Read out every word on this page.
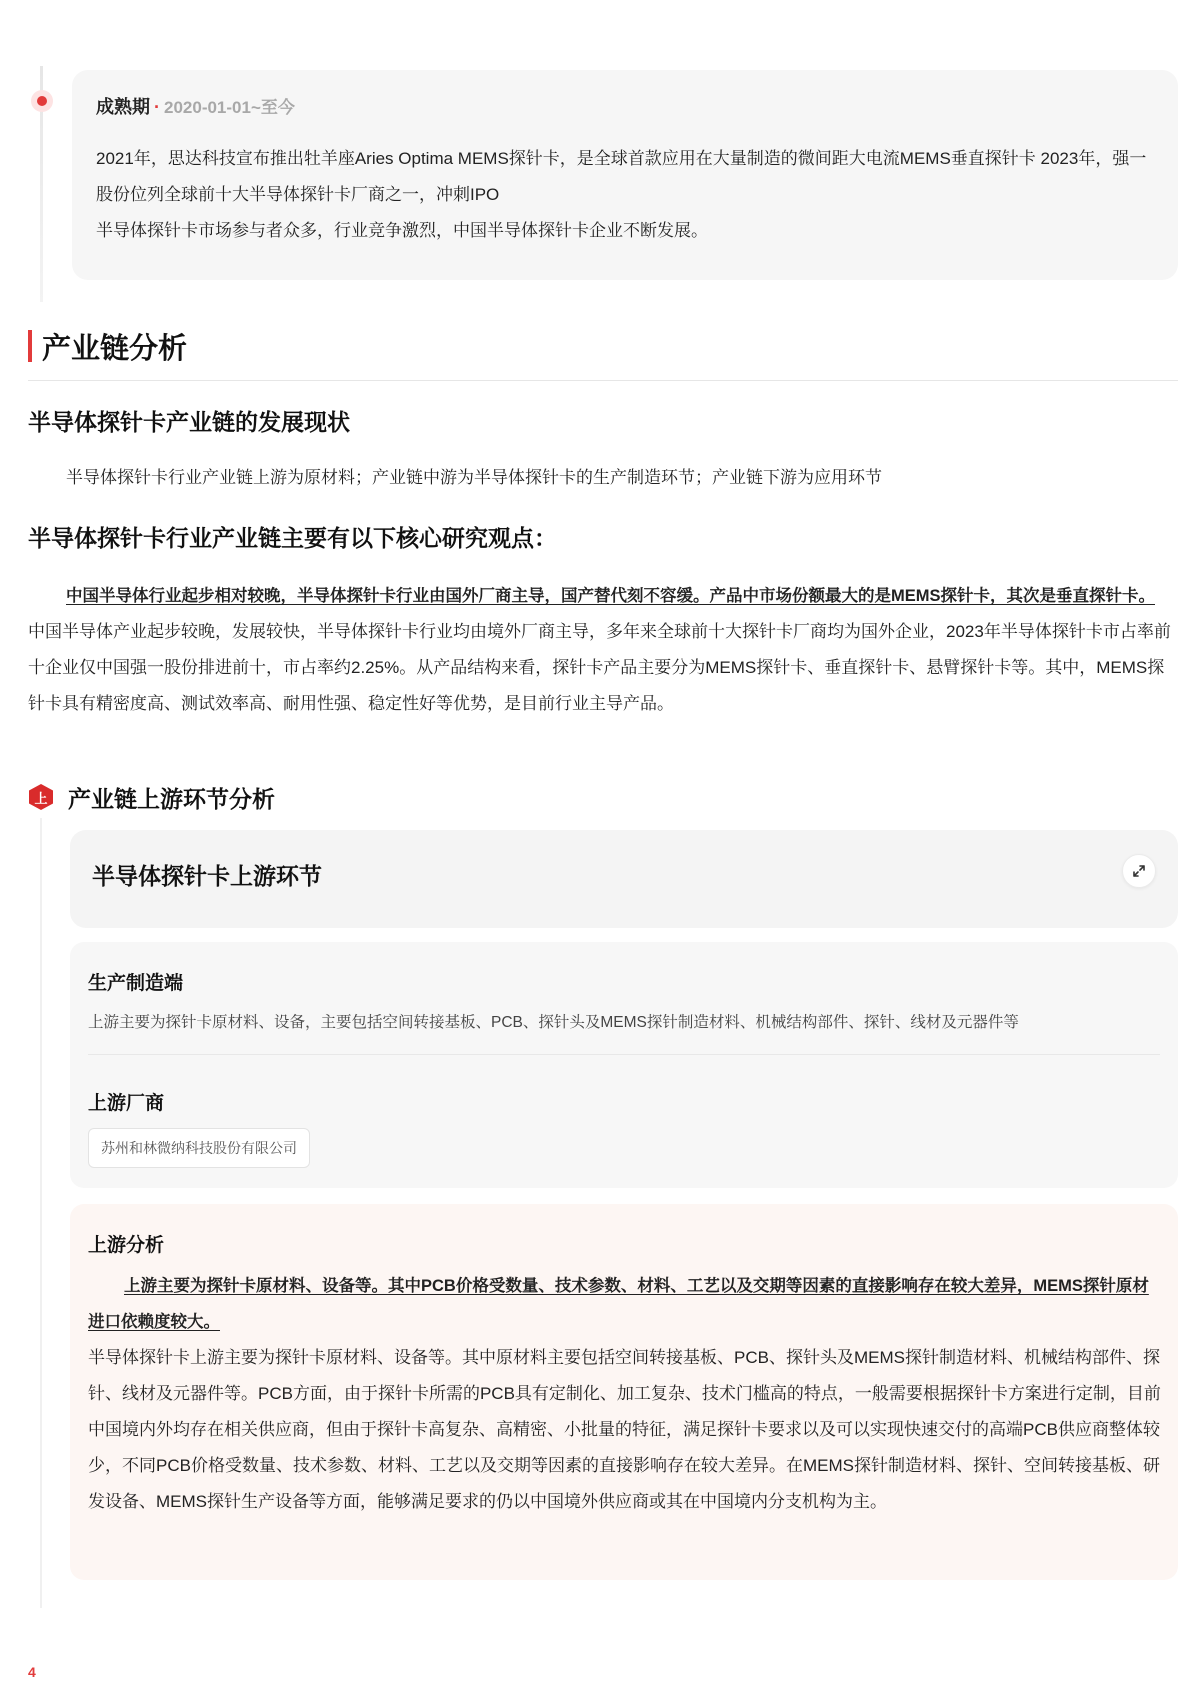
成熟期 · 2020-01-01~至今
2021年，思达科技宣布推出牡羊座Aries Optima MEMS探针卡，是全球首款应用在大量制造的微间距大电流MEMS垂直探针卡 2023年，强一股份位列全球前十大半导体探针卡厂商之一，冲刺IPO
半导体探针卡市场参与者众多，行业竞争激烈，中国半导体探针卡企业不断发展。
产业链分析
半导体探针卡产业链的发展现状
半导体探针卡行业产业链上游为原材料；产业链中游为半导体探针卡的生产制造环节；产业链下游为应用环节
半导体探针卡行业产业链主要有以下核心研究观点：
中国半导体行业起步相对较晚，半导体探针卡行业由国外厂商主导，国产替代刻不容缓。产品中市场份额最大的是MEMS探针卡，其次是垂直探针卡。
中国半导体产业起步较晚，发展较快，半导体探针卡行业均由境外厂商主导，多年来全球前十大探针卡厂商均为国外企业，2023年半导体探针卡市占率前十企业仅中国强一股份排进前十，市占率约2.25%。从产品结构来看，探针卡产品主要分为MEMS探针卡、垂直探针卡、悬臂探针卡等。其中，MEMS探针卡具有精密度高、测试效率高、耐用性强、稳定性好等优势，是目前行业主导产品。
上 产业链上游环节分析
半导体探针卡上游环节
生产制造端
上游主要为探针卡原材料、设备，主要包括空间转接基板、PCB、探针头及MEMS探针制造材料、机械结构部件、探针、线材及元器件等
上游厂商
苏州和林微纳科技股份有限公司
上游分析
上游主要为探针卡原材料、设备等。其中PCB价格受数量、技术参数、材料、工艺以及交期等因素的直接影响存在较大差异，MEMS探针原材进口依赖度较大。
半导体探针卡上游主要为探针卡原材料、设备等。其中原材料主要包括空间转接基板、PCB、探针头及MEMS探针制造材料、机械结构部件、探针、线材及元器件等。PCB方面，由于探针卡所需的PCB具有定制化、加工复杂、技术门槛高的特点，一般需要根据探针卡方案进行定制，目前中国境内外均存在相关供应商，但由于探针卡高复杂、高精密、小批量的特征，满足探针卡要求以及可以实现快速交付的高端PCB供应商整体较少，不同PCB价格受数量、技术参数、材料、工艺以及交期等因素的直接影响存在较大差异。在MEMS探针制造材料、探针、空间转接基板、研发设备、MEMS探针生产设备等方面，能够满足要求的仍以中国境外供应商或其在中国境内分支机构为主。
4
